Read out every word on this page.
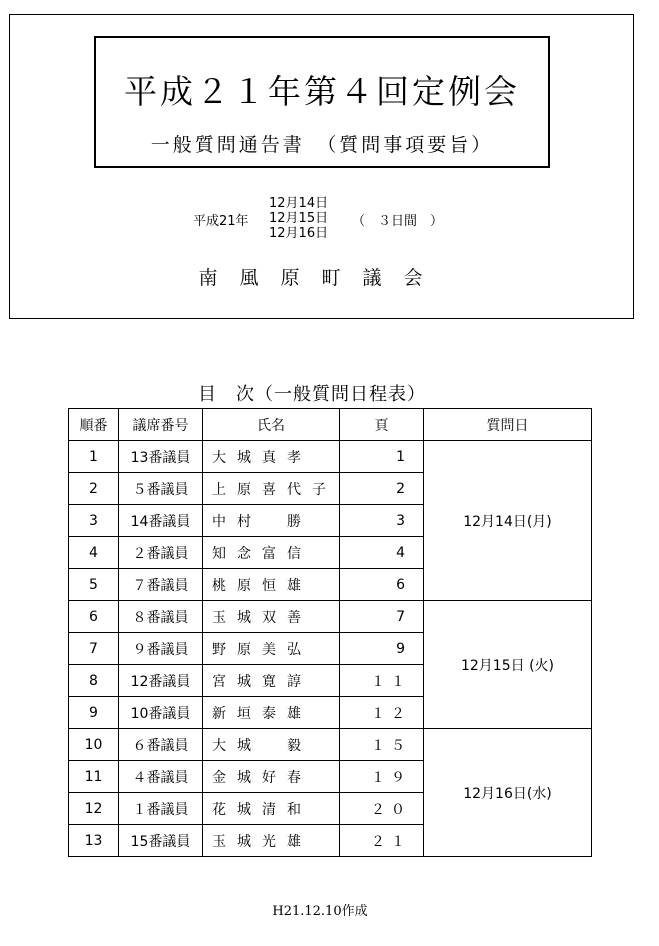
平成２１年第４回定例会
一般質問通告書　（質問事項要旨）
平成21年
12月14日
12月15日
12月16日
（　３日間　）
南風原町議会
目　次（一般質問日程表）
順番	議席番号	氏名	頁	質問日
1	13番議員	大城真孝	1	12月14日(月)
2	５番議員	上原喜代子	2	
3	14番議員	中村　勝	3	
4	２番議員	知念富信	4	
5	７番議員	桃原恒雄	6	
6	８番議員	玉城双善	7	12月15日 (火)
7	９番議員	野原美弘	9	
8	12番議員	宮城寛諄	１１	
9	10番議員	新垣泰雄	１２	
10	６番議員	大城　毅	１５	12月16日(水)
11	４番議員	金城好春	１９	
12	１番議員	花城清和	２０	
13	15番議員	玉城光雄	２１	
H21.12.10作成
